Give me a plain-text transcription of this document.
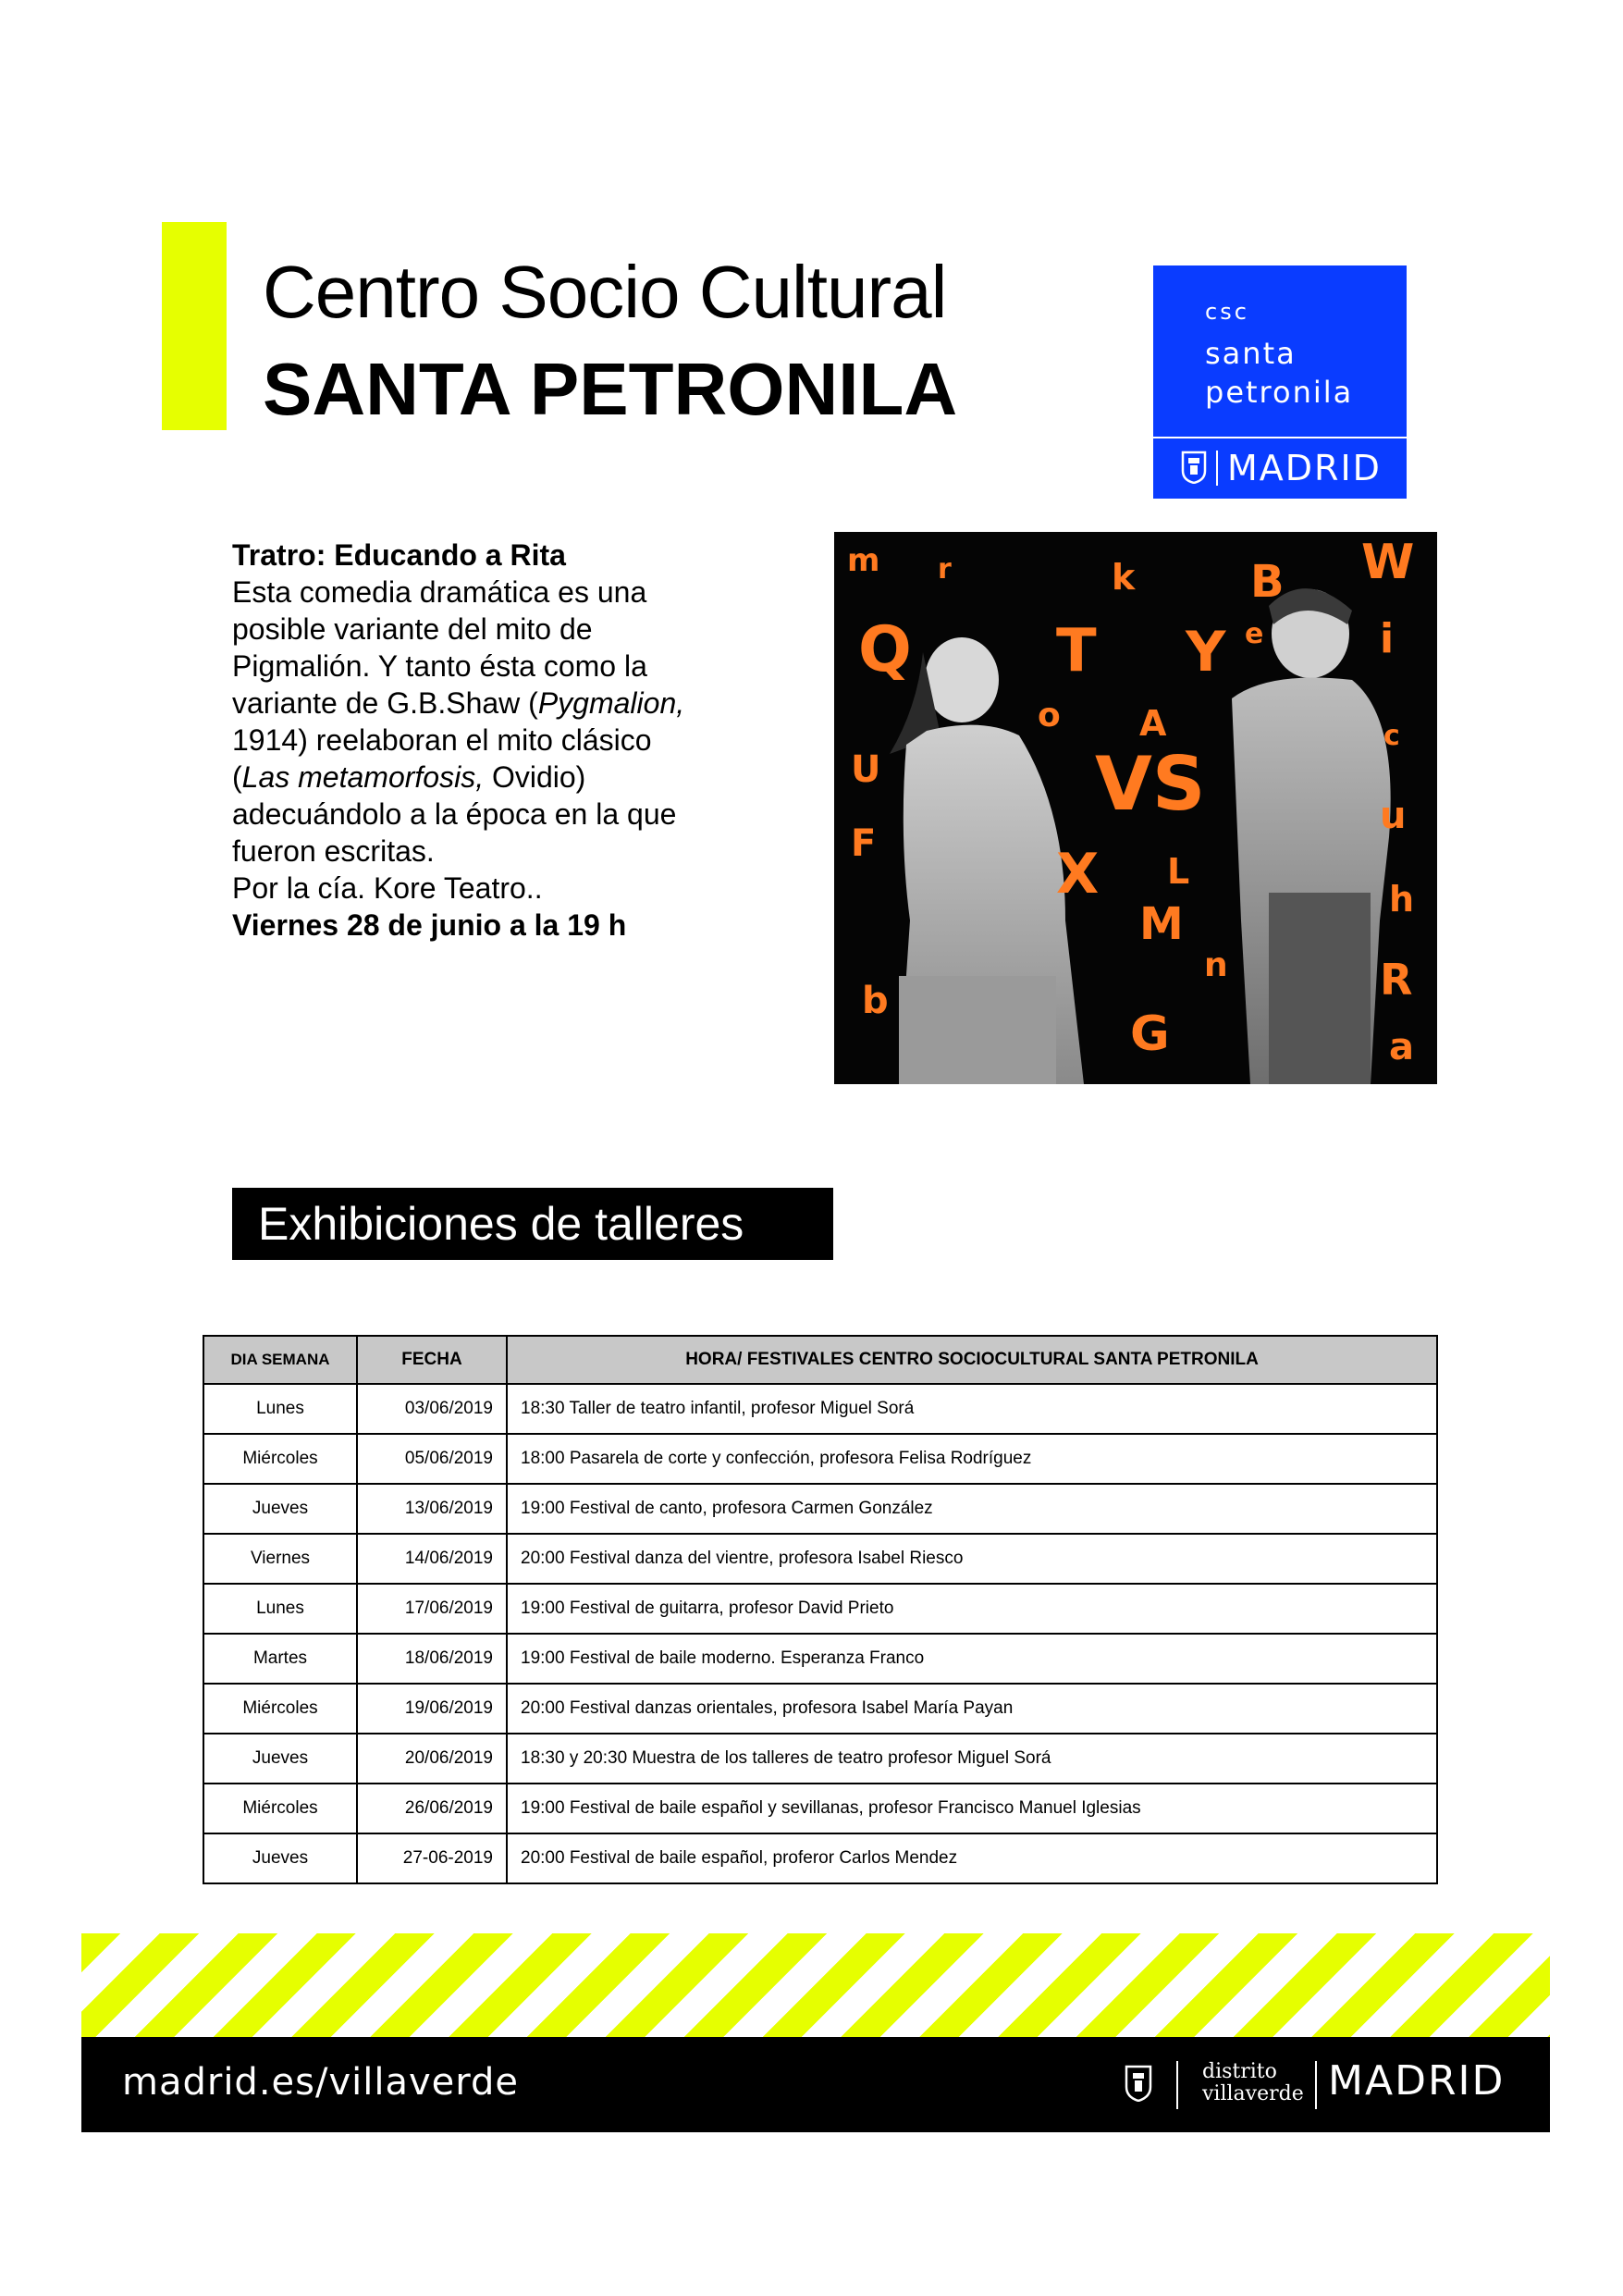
Centro Socio Cultural
SANTA PETRONILA
csc
santa
petronila
MADRID
Tratro: Educando a Rita
Esta comedia dramática es una
posible variante del mito de
Pigmalión. Y tanto ésta como la
variante de G.B.Shaw (Pygmalion,
1914) reelaboran el mito clásico
(Las metamorfosis, Ovidio)
adecuándolo a la época en la que
fueron escritas.
Por la cía. Kore Teatro..
Viernes 28 de junio a la 19 h
m r	k	B W
Q T Y e	i
o A	c
U	VS	u
F	X L
h
M
n	R
b
G	a
Exhibiciones de talleres
DIA SEMANA	FECHA	HORA/ FESTIVALES CENTRO SOCIOCULTURAL SANTA PETRONILA
Lunes	03/06/2019	18:30 Taller de teatro infantil, profesor Miguel Sorá
Miércoles	05/06/2019	18:00 Pasarela de corte y confección, profesora Felisa Rodríguez
Jueves	13/06/2019	19:00 Festival de canto, profesora Carmen González
Viernes	14/06/2019	20:00 Festival danza del vientre, profesora Isabel Riesco
Lunes	17/06/2019	19:00 Festival de guitarra, profesor David Prieto
Martes	18/06/2019	19:00 Festival de baile moderno. Esperanza Franco
Miércoles	19/06/2019	20:00 Festival danzas orientales, profesora Isabel María Payan
Jueves	20/06/2019	18:30 y 20:30 Muestra de los talleres de teatro profesor Miguel Sorá
Miércoles	26/06/2019	19:00 Festival de baile español y sevillanas, profesor Francisco Manuel Iglesias
Jueves	27-06-2019	20:00 Festival de baile español, proferor Carlos Mendez
madrid.es/villaverde	distrito
villaverde MADRID
